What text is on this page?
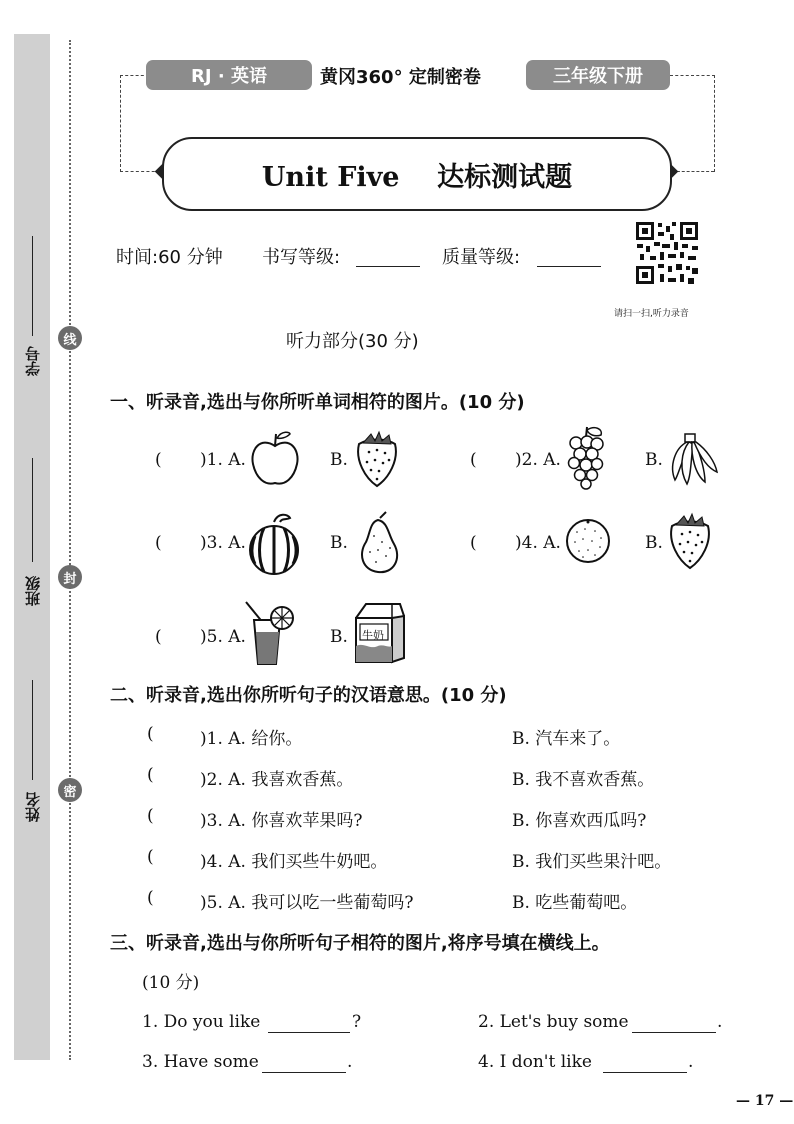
学号
班级
姓名
线
封
密
RJ · 英语	黄冈360° 定制密卷	三年级下册
Unit Five    达标测试题
时间:60 分钟 书写等级:	质量等级:
请扫一扫,听力录音
听力部分(30 分)
一、听录音,选出与你所听单词相符的图片。(10 分)
( )1. A.	B.	( )2. A.	B.
( )3. A.	B.	( )4. A.	B.
( )5. A.	B. 牛奶
二、听录音,选出你所听句子的汉语意思。(10 分)
(	)1. A. 给你。	B. 汽车来了。
(	)2. A. 我喜欢香蕉。	B. 我不喜欢香蕉。
(	)3. A. 你喜欢苹果吗?	B. 你喜欢西瓜吗?
(	)4. A. 我们买些牛奶吧。	B. 我们买些果汁吧。
(	)5. A. 我可以吃一些葡萄吗?	B. 吃些葡萄吧。
三、听录音,选出与你所听句子相符的图片,将序号填在横线上。
(10 分)
1. Do you like	?	2. Let's buy some	.
3. Have some	.	4. I don't like	.
— 17 —
